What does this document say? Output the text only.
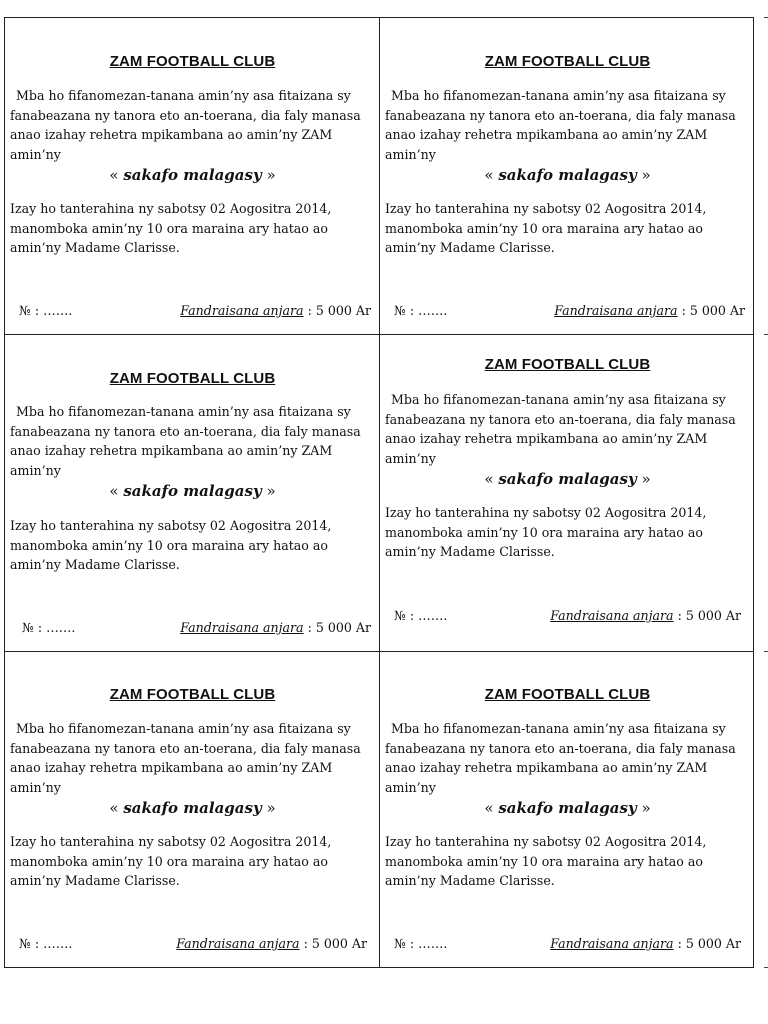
ZAM FOOTBALL CLUB

Mba ho fifanomezan-tanana amin’ny asa fitaizana sy fanabeazana ny tanora eto an-toerana, dia faly manasa anao izahay rehetra mpikambana ao amin’ny ZAM amin’ny

« sakafo malagasy »

Izay ho tanterahina ny sabotsy 02 Aogositra 2014, manomboka amin’ny 10 ora maraina ary hatao ao amin’ny Madame Clarisse.

№ : …….	Fandraisana anjara : 5 000 Ar
ZAM FOOTBALL CLUB

Mba ho fifanomezan-tanana amin’ny asa fitaizana sy fanabeazana ny tanora eto an-toerana, dia faly manasa anao izahay rehetra mpikambana ao amin’ny ZAM amin’ny

« sakafo malagasy »

Izay ho tanterahina ny sabotsy 02 Aogositra 2014, manomboka amin’ny 10 ora maraina ary hatao ao amin’ny Madame Clarisse.

№ : …….	Fandraisana anjara : 5 000 Ar
ZAM FOOTBALL CLUB

Mba ho fifanomezan-tanana amin’ny asa fitaizana sy fanabeazana ny tanora eto an-toerana, dia faly manasa anao izahay rehetra mpikambana ao amin’ny ZAM amin’ny

« sakafo malagasy »

Izay ho tanterahina ny sabotsy 02 Aogositra 2014, manomboka amin’ny 10 ora maraina ary hatao ao amin’ny Madame Clarisse.

№ : …….	Fandraisana anjara : 5 000 Ar
ZAM FOOTBALL CLUB

Mba ho fifanomezan-tanana amin’ny asa fitaizana sy fanabeazana ny tanora eto an-toerana, dia faly manasa anao izahay rehetra mpikambana ao amin’ny ZAM amin’ny

« sakafo malagasy »

Izay ho tanterahina ny sabotsy 02 Aogositra 2014, manomboka amin’ny 10 ora maraina ary hatao ao amin’ny Madame Clarisse.

№ : …….	Fandraisana anjara : 5 000 Ar
ZAM FOOTBALL CLUB

Mba ho fifanomezan-tanana amin’ny asa fitaizana sy fanabeazana ny tanora eto an-toerana, dia faly manasa anao izahay rehetra mpikambana ao amin’ny ZAM amin’ny

« sakafo malagasy »

Izay ho tanterahina ny sabotsy 02 Aogositra 2014, manomboka amin’ny 10 ora maraina ary hatao ao amin’ny Madame Clarisse.

№ : …….	Fandraisana anjara : 5 000 Ar
ZAM FOOTBALL CLUB

Mba ho fifanomezan-tanana amin’ny asa fitaizana sy fanabeazana ny tanora eto an-toerana, dia faly manasa anao izahay rehetra mpikambana ao amin’ny ZAM amin’ny

« sakafo malagasy »

Izay ho tanterahina ny sabotsy 02 Aogositra 2014, manomboka amin’ny 10 ora maraina ary hatao ao amin’ny Madame Clarisse.

№ : …….	Fandraisana anjara : 5 000 Ar
